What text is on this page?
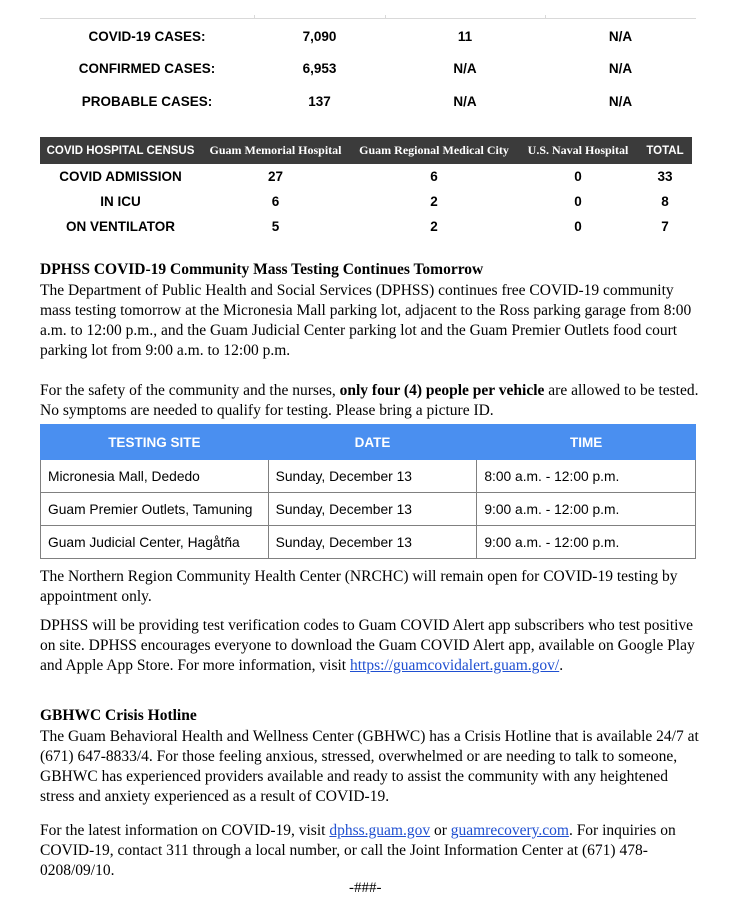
COVID-19 CASES:	7,090	11	N/A
CONFIRMED CASES:	6,953	N/A	N/A
PROBABLE CASES:	137	N/A	N/A
COVID HOSPITAL CENSUS	Guam Memorial Hospital	Guam Regional Medical City	U.S. Naval Hospital	TOTAL
COVID ADMISSION	27	6	0	33
IN ICU	6	2	0	8
ON VENTILATOR	5	2	0	7
DPHSS COVID-19 Community Mass Testing Continues Tomorrow
The Department of Public Health and Social Services (DPHSS) continues free COVID-19 community mass testing tomorrow at the Micronesia Mall parking lot, adjacent to the Ross parking garage from 8:00 a.m. to 12:00 p.m., and the Guam Judicial Center parking lot and the Guam Premier Outlets food court parking lot from 9:00 a.m. to 12:00 p.m.
For the safety of the community and the nurses, only four (4) people per vehicle are allowed to be tested. No symptoms are needed to qualify for testing. Please bring a picture ID.
TESTING SITE	DATE	TIME
Micronesia Mall, Dededo	Sunday, December 13	8:00 a.m. - 12:00 p.m.
Guam Premier Outlets, Tamuning	Sunday, December 13	9:00 a.m. - 12:00 p.m.
Guam Judicial Center, Hagåtña	Sunday, December 13	9:00 a.m. - 12:00 p.m.
The Northern Region Community Health Center (NRCHC) will remain open for COVID-19 testing by appointment only.
DPHSS will be providing test verification codes to Guam COVID Alert app subscribers who test positive on site. DPHSS encourages everyone to download the Guam COVID Alert app, available on Google Play and Apple App Store. For more information, visit https://guamcovidalert.guam.gov/.
GBHWC Crisis Hotline
The Guam Behavioral Health and Wellness Center (GBHWC) has a Crisis Hotline that is available 24/7 at (671) 647-8833/4. For those feeling anxious, stressed, overwhelmed or are needing to talk to someone, GBHWC has experienced providers available and ready to assist the community with any heightened stress and anxiety experienced as a result of COVID-19.
For the latest information on COVID-19, visit dphss.guam.gov or guamrecovery.com. For inquiries on COVID-19, contact 311 through a local number, or call the Joint Information Center at (671) 478-0208/09/10.
-###-
